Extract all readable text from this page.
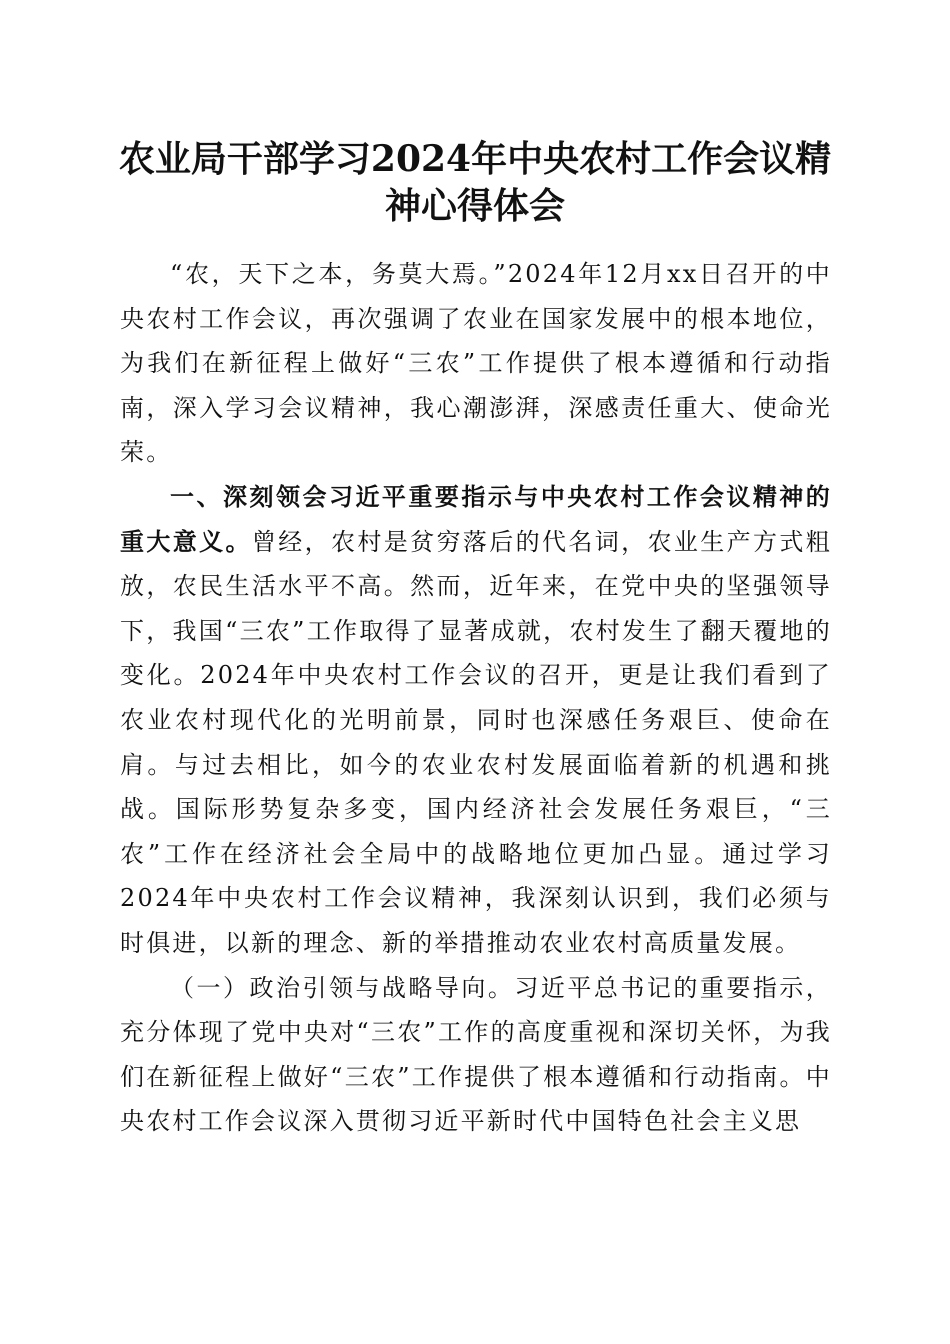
农业局干部学习2024年中央农村工作会议精神心得体会

“农，天下之本，务莫大焉。”2024年12月xx日召开的中央农村工作会议，再次强调了农业在国家发展中的根本地位，为我们在新征程上做好“三农”工作提供了根本遵循和行动指南，深入学习会议精神，我心潮澎湃，深感责任重大、使命光荣。

一、深刻领会习近平重要指示与中央农村工作会议精神的重大意义。曾经，农村是贫穷落后的代名词，农业生产方式粗放，农民生活水平不高。然而，近年来，在党中央的坚强领导下，我国“三农”工作取得了显著成就，农村发生了翻天覆地的变化。2024年中央农村工作会议的召开，更是让我们看到了农业农村现代化的光明前景，同时也深感任务艰巨、使命在肩。与过去相比，如今的农业农村发展面临着新的机遇和挑战。国际形势复杂多变，国内经济社会发展任务艰巨，“三农”工作在经济社会全局中的战略地位更加凸显。通过学习2024年中央农村工作会议精神，我深刻认识到，我们必须与时俱进，以新的理念、新的举措推动农业农村高质量发展。

（一）政治引领与战略导向。习近平总书记的重要指示，充分体现了党中央对“三农”工作的高度重视和深切关怀，为我们在新征程上做好“三农”工作提供了根本遵循和行动指南。中央农村工作会议深入贯彻习近平新时代中国特色社会主义思
